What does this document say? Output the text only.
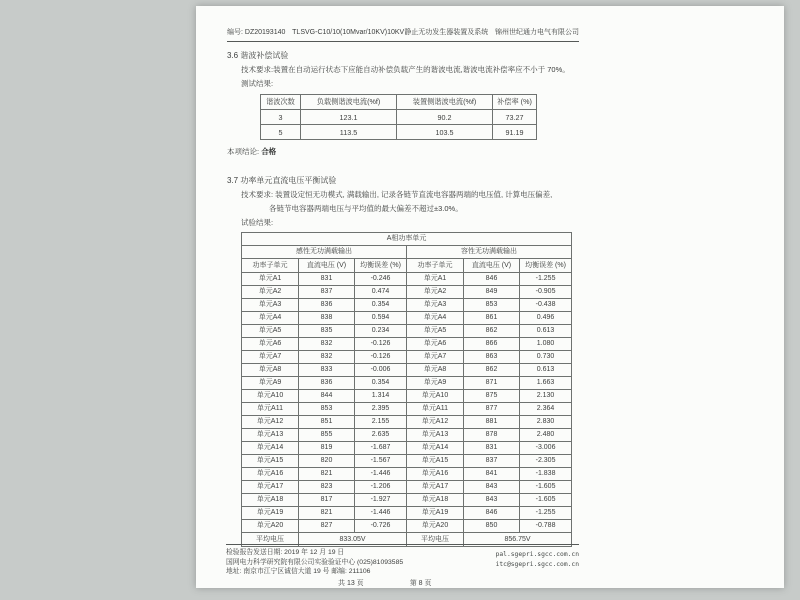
编号: DZ20193140 TLSVG-C10/10(10Mvar/10KV)10KV静止无功发生器装置及系统 锦州世纪通力电气有限公司
3.6 谐波补偿试验
技术要求:装置在自动运行状态下应能自动补偿负载产生的谐波电流,谐波电流补偿率应不小于 70%。
测试结果:
谐波次数	负载侧谐波电流(%f)	装置侧谐波电流(%f)	补偿率 (%)
3	123.1	90.2	73.27
5	113.5	103.5	91.19
本项结论: 合格
3.7 功率单元直流电压平衡试验
技术要求: 装置设定恒无功模式, 满载输出, 记录各链节直流电容器两端的电压值, 计算电压偏差,
各链节电容器两端电压与平均值的最大偏差不超过±3.0%。
试验结果:
A相功率单元					
感性无功满载输出			容性无功满载输出		
功率子单元	直流电压 (V)	均衡误差 (%)	功率子单元	直流电压 (V)	均衡误差 (%)
单元A1	831	-0.246	单元A1	846	-1.255
单元A2	837	0.474	单元A2	849	-0.905
单元A3	836	0.354	单元A3	853	-0.438
单元A4	838	0.594	单元A4	861	0.496
单元A5	835	0.234	单元A5	862	0.613
单元A6	832	-0.126	单元A6	866	1.080
单元A7	832	-0.126	单元A7	863	0.730
单元A8	833	-0.006	单元A8	862	0.613
单元A9	836	0.354	单元A9	871	1.663
单元A10	844	1.314	单元A10	875	2.130
单元A11	853	2.395	单元A11	877	2.364
单元A12	851	2.155	单元A12	881	2.830
单元A13	855	2.635	单元A13	878	2.480
单元A14	819	-1.687	单元A14	831	-3.006
单元A15	820	-1.567	单元A15	837	-2.305
单元A16	821	-1.446	单元A16	841	-1.838
单元A17	823	-1.206	单元A17	843	-1.605
单元A18	817	-1.927	单元A18	843	-1.605
单元A19	821	-1.446	单元A19	846	-1.255
单元A20	827	-0.726	单元A20	850	-0.788
平均电压	833.05V		平均电压	856.75V	
检验报告发送日期: 2019 年 12 月 19 日
国网电力科学研究院有限公司实验验证中心 (025)81093585
地址: 南京市江宁区诚信大道 19 号 邮编: 211106
共 13 页	第 8 页
pal.sgepri.sgcc.com.cn
itc@sgepri.sgcc.com.cn
